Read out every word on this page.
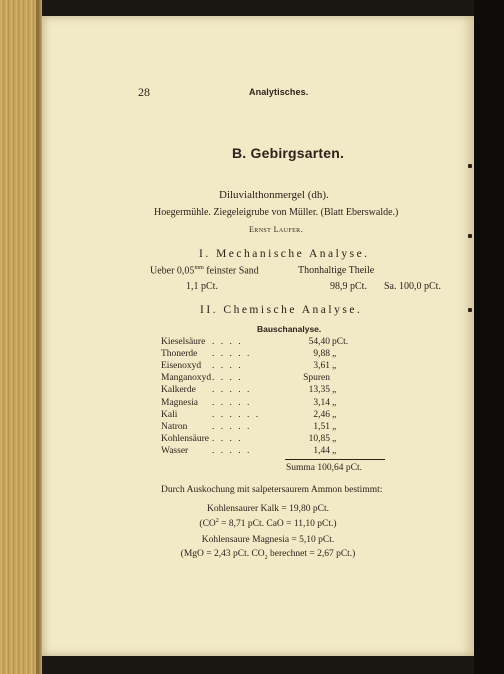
28	Analytisches.
B. Gebirgsarten.
Diluvialthonmergel (dh).
Hoegermühle. Ziegeleigrube von Müller. (Blatt Eberswalde.)
Ernst Laufer.
I. Mechanische Analyse.
Ueber $0,05^{mm}$ feinster Sand	Thonhaltige Theile
1,1 pCt.	98,9 pCt. Sa. 100,0 pCt.
II. Chemische Analyse.
Bauschanalyse.
Kieselsäure . . . .	54,40 pCt.
Thonerde . . . . .	9,88 „
Eisenoxyd . . . .	3,61 „
Manganoxyd . . . .	Spuren
Kalkerde . . . . .	13,35 „
Magnesia . . . . .	3,14 „
Kali	. . . . . .	2,46 „
Natron	. . . . .	1,51 „
Kohlensäure . . . .	10,85 „
Wasser	. . . . .	1,44 „
Summa 100,64 pCt.
Durch Auskochung mit salpetersaurem Ammon bestimmt:
Kohlensaurer Kalk = 19,80 pCt.
($CO^2 = 8,71$ pCt. CaO = 11,10 pCt.)
Kohlensaure Magnesia = 5,10 pCt.
(MgO = 2,43 pCt. $CO_2$ berechnet = 2,67 pCt.)
